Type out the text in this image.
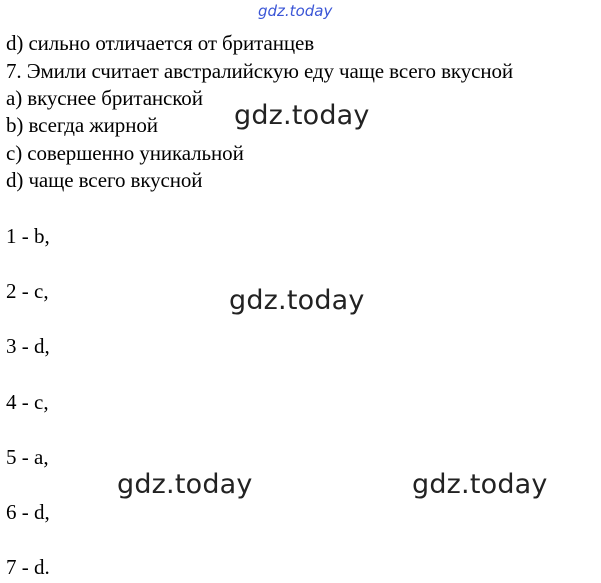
gdz.today
d) сильно отличается от британцев
7. Эмили считает австралийскую еду чаще всего вкусной
a) вкуснее британской
b) всегда жирной
c) совершенно уникальной
d) чаще всего вкусной
1 - b,
2 - c,
3 - d,
4 - c,
5 - a,
6 - d,
7 - d.
gdz.today
gdz.today
gdz.today	gdz.today
